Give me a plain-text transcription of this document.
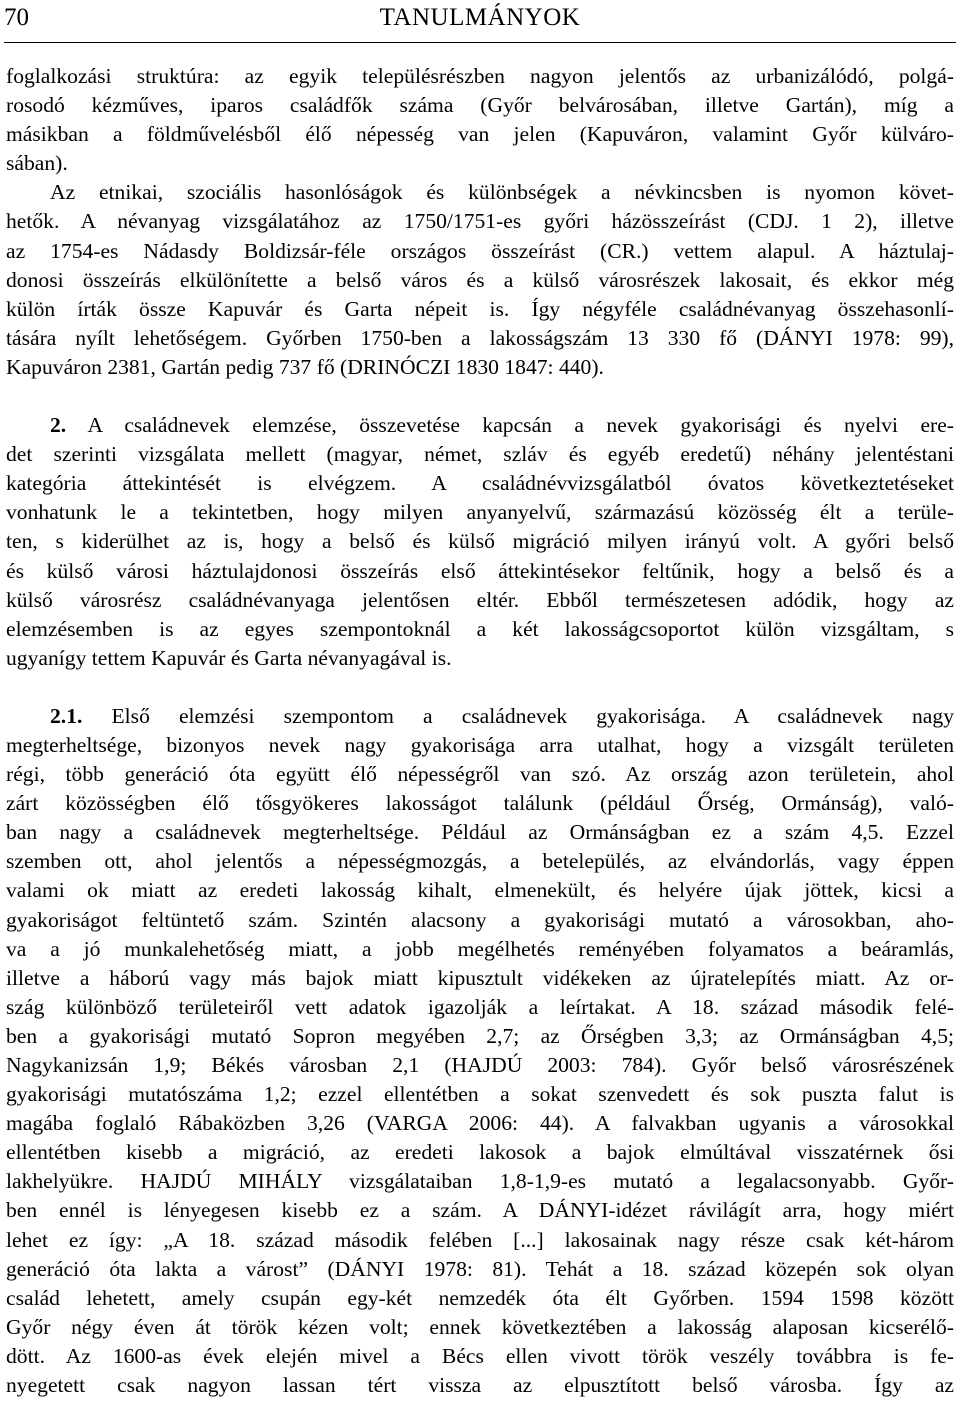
70	TANULMÁNYOK
foglalkozási struktúra: az egyik településrészben nagyon jelentős az urbanizálódó, polgá-
rosodó kézműves, iparos családfők száma (Győr belvárosában, illetve Gartán), míg a
másikban a földművelésből élő népesség van jelen (Kapuváron, valamint Győr külváro-
sában).
Az etnikai, szociális hasonlóságok és különbségek a névkincsben is nyomon követ-
hetők. A névanyag vizsgálatához az 1750/1751-es győri házösszeírást (CDJ. 1 2), illetve
az 1754-es Nádasdy Boldizsár-féle országos összeírást (CR.) vettem alapul. A háztulaj-
donosi összeírás elkülönítette a belső város és a külső városrészek lakosait, és ekkor még
külön írták össze Kapuvár és Garta népeit is. Így négyféle családnévanyag összehasonlí-
tására nyílt lehetőségem. Győrben 1750-ben a lakosságszám 13 330 fő (DÁNYI 1978: 99),
Kapuváron 2381, Gartán pedig 737 fő (DRINÓCZI 1830 1847: 440).
2. A családnevek elemzése, összevetése kapcsán a nevek gyakorisági és nyelvi ere-
det szerinti vizsgálata mellett (magyar, német, szláv és egyéb eredetű) néhány jelentéstani
kategória áttekintését is elvégzem. A családnévvizsgálatból óvatos következtetéseket
vonhatunk le a tekintetben, hogy milyen anyanyelvű, származású közösség élt a terüle-
ten, s kiderülhet az is, hogy a belső és külső migráció milyen irányú volt. A győri belső
és külső városi háztulajdonosi összeírás első áttekintésekor feltűnik, hogy a belső és a
külső városrész családnévanyaga jelentősen eltér. Ebből természetesen adódik, hogy az
elemzésemben is az egyes szempontoknál a két lakosságcsoportot külön vizsgáltam, s
ugyanígy tettem Kapuvár és Garta névanyagával is.
2.1. Első elemzési szempontom a családnevek gyakorisága. A családnevek nagy
megterheltsége, bizonyos nevek nagy gyakorisága arra utalhat, hogy a vizsgált területen
régi, több generáció óta együtt élő népességről van szó. Az ország azon területein, ahol
zárt közösségben élő tősgyökeres lakosságot találunk (például Őrség, Ormánság), való-
ban nagy a családnevek megterheltsége. Például az Ormánságban ez a szám 4,5. Ezzel
szemben ott, ahol jelentős a népességmozgás, a betelepülés, az elvándorlás, vagy éppen
valami ok miatt az eredeti lakosság kihalt, elmenekült, és helyére újak jöttek, kicsi a
gyakoriságot feltüntető szám. Szintén alacsony a gyakorisági mutató a városokban, aho-
va a jó munkalehetőség miatt, a jobb megélhetés reményében folyamatos a beáramlás,
illetve a háború vagy más bajok miatt kipusztult vidékeken az újratelepítés miatt. Az or-
szág különböző területeiről vett adatok igazolják a leírtakat. A 18. század második felé-
ben a gyakorisági mutató Sopron megyében 2,7; az Őrségben 3,3; az Ormánságban 4,5;
Nagykanizsán 1,9; Békés városban 2,1 (HAJDÚ 2003: 784). Győr belső városrészének
gyakorisági mutatószáma 1,2; ezzel ellentétben a sokat szenvedett és sok puszta falut is
magába foglaló Rábaközben 3,26 (VARGA 2006: 44). A falvakban ugyanis a városokkal
ellentétben kisebb a migráció, az eredeti lakosok a bajok elmúltával visszatérnek ősi
lakhelyükre. HAJDÚ MIHÁLY vizsgálataiban 1,8-1,9-es mutató a legalacsonyabb. Győr-
ben ennél is lényegesen kisebb ez a szám. A DÁNYI-idézet rávilágít arra, hogy miért
lehet ez így: „A 18. század második felében [...] lakosainak nagy része csak két-három
generáció óta lakta a várost” (DÁNYI 1978: 81). Tehát a 18. század közepén sok olyan
család lehetett, amely csupán egy-két nemzedék óta élt Győrben. 1594 1598 között
Győr négy éven át török kézen volt; ennek következtében a lakosság alaposan kicserélő-
dött. Az 1600-as évek elején mivel a Bécs ellen vivott török veszély továbbra is fe-
nyegetett csak nagyon lassan tért vissza az elpusztított belső városba. Így az
